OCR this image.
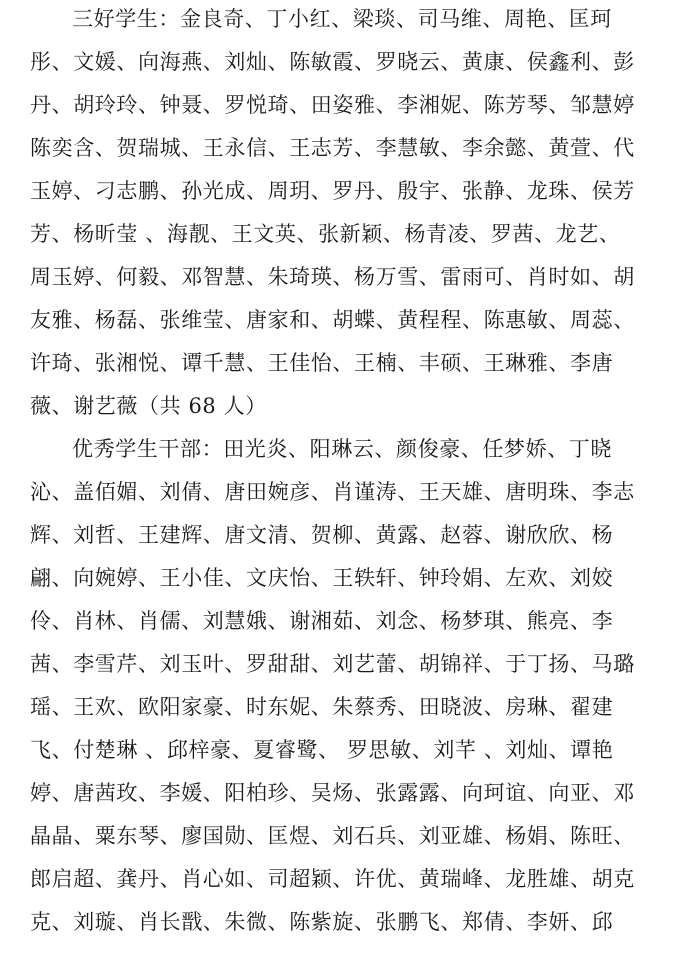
三好学生：金良奇、丁小红、梁琰、司马维、周艳、匡珂
彤、文媛、向海燕、刘灿、陈敏霞、罗晓云、黄康、侯鑫利、彭
丹、胡玲玲、钟聂、罗悦琦、田姿雅、李湘妮、陈芳琴、邹慧婷
陈奕含、贺瑞城、王永信、王志芳、李慧敏、李余懿、黄萱、代
玉婷、刁志鹏、孙光成、周玥、罗丹、殷宇、张静、龙珠、侯芳
芳、杨昕莹 、海靓、王文英、张新颖、杨青凌、罗茜、龙艺、
周玉婷、何毅、邓智慧、朱琦瑛、杨万雪、雷雨可、肖时如、胡
友雅、杨磊、张维莹、唐家和、胡蝶、黄程程、陈惠敏、周蕊、
许琦、张湘悦、谭千慧、王佳怡、王楠、丰硕、王琳雅、李唐
薇、谢艺薇（共 68 人）
优秀学生干部：田光炎、阳琳云、颜俊豪、任梦娇、丁晓
沁、盖佰媚、刘倩、唐田婉彦、肖谨涛、王天雄、唐明珠、李志
辉、刘哲、王建辉、唐文清、贺柳、黄露、赵蓉、谢欣欣、杨
翩、向婉婷、王小佳、文庆怡、王轶轩、钟玲娟、左欢、刘姣
伶、肖林、肖儒、刘慧娥、谢湘茹、刘念、杨梦琪、熊亮、李
茜、李雪芹、刘玉叶、罗甜甜、刘艺蕾、胡锦祥、于丁扬、马璐
瑶、王欢、欧阳家豪、时东妮、朱蔡秀、田晓波、房琳、翟建
飞、付楚琳 、邱梓豪、夏睿鹭、 罗思敏、刘芊 、刘灿、谭艳
婷、唐茜玫、李媛、阳柏珍、吴炀、张露露、向珂谊、向亚、邓
晶晶、粟东琴、廖国勋、匡煜、刘石兵、刘亚雄、杨娟、陈旺、
郎启超、龚丹、肖心如、司超颖、许优、黄瑞峰、龙胜雄、胡克
克、刘璇、肖长戬、朱微、陈紫旋、张鹏飞、郑倩、李妍、邱
